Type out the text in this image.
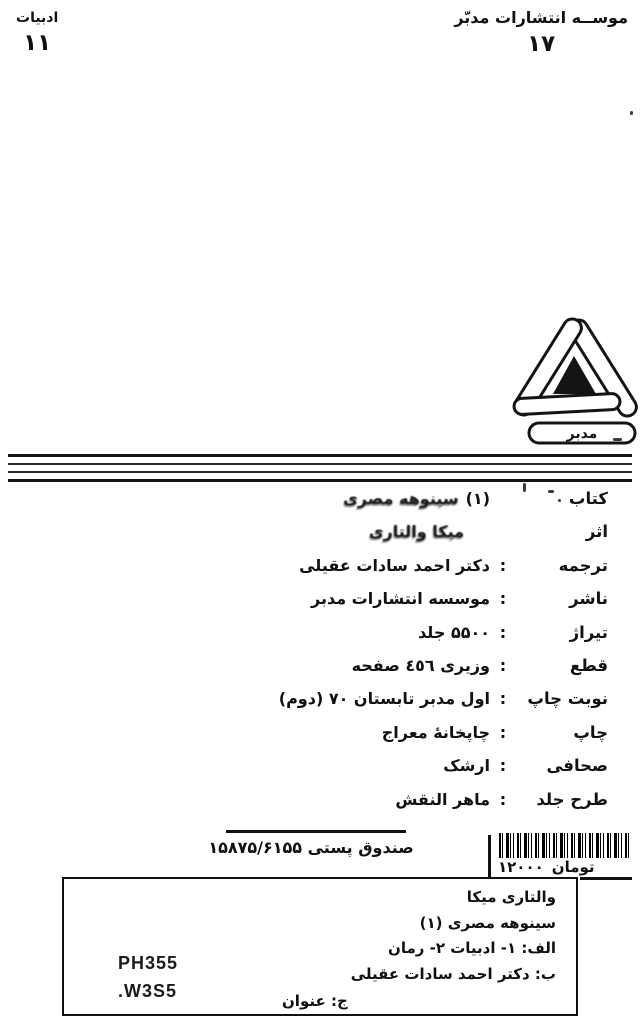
موســه انتشارات مدبّر
۱۷
ادبیات
۱۱
مدبر
کتاب
سینوهه مصری (۱)
اثر
میکا والتاری
ترجمه
:
دکتر احمد سادات عقیلی
ناشر
:
موسسه انتشارات مدبر
تیراژ
:
۵۵۰۰ جلد
قطع
:
وزیری ٤٥٦ صفحه
نوبت چاپ
:
اول مدبر تابستان ۷۰ (دوم)
چاپ
:
چاپخانهٔ معراج
صحافی
:
ارشک
طرح جلد
:
ماهر النقش
صندوق پستی ۱۵۸۷۵/۶۱۵۵
۱۲۰۰۰ تومان
والتاری میکا
سینوهه مصری (۱)
الف: ۱- ادبیات ۲- رمان
ب: دکتر احمد سادات عقیلی
ج: عنوان
PH355
.W3S5
